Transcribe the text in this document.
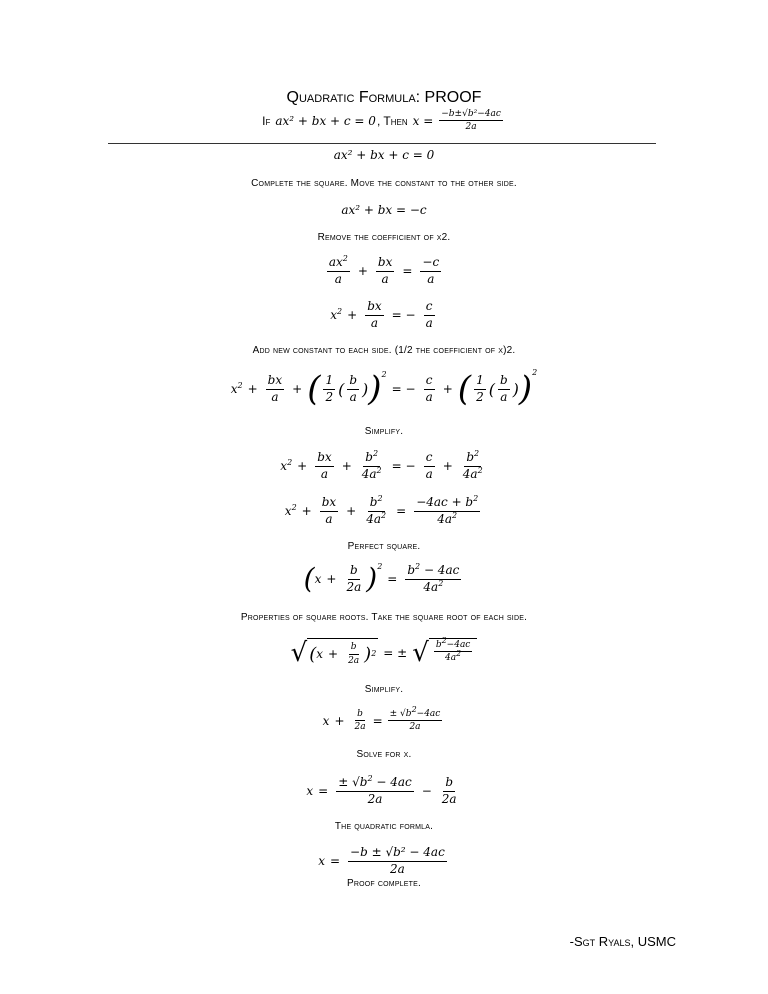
Quadratic Formula: PROOF
If ax² + bx + c = 0 , Then $x = \frac{\text{−b±√b²−4ac}}{2a}$
ax² + bx + c = 0
Complete the square. Move the constant to the other side.
ax² + bx = −c
Remove the coefficient of x2.
$\frac{ax^2}{a} + \frac{bx}{a} = \frac{-c}{a}$
$x^2 + \frac{bx}{a}$ = − $\frac{c}{a}$
Add new constant to each side. (1/2 the coefficient of x)2.
$x^2 + \frac{bx}{a}$ + ( $\frac{1}{2}$ ( $\frac{b}{a}$ ) )$^2$
= − $\frac{c}{a}$ + ( $\frac{1}{2}$ ( $\frac{b}{a}$ ) )$^2$
Simplify.
$x^2 + \frac{bx}{a} + \frac{b^2}{4a^2}$ = − $\frac{c}{a} + \frac{b^2}{4a^2}$
$x^2 + \frac{bx}{a} + \frac{b^2}{4a^2} = \frac{-4ac + b^2}{4a^2}$
Perfect square.
( $x + \frac{b}{2a} )^2$
= $\frac{b^2 - 4ac}{4a^2}$
Properties of square roots. Take the square root of each side.
√ ( $x + \frac{b}{2a}$ ) 2 = ± √ $\frac{b^2-4ac}{4a^2}$
Simplify.
$x + \frac{b}{2a} = \frac{\pm √b^2-4ac}{2a}$
Solve for x.
$x = \frac{\pm √b^2 - 4ac}{2a} - \frac{b}{2a}$
The quadratic formla.
$x = \frac{\text{−b ± √b² − 4ac}}{2a}$
Proof complete.
-Sgt Ryals, USMC
